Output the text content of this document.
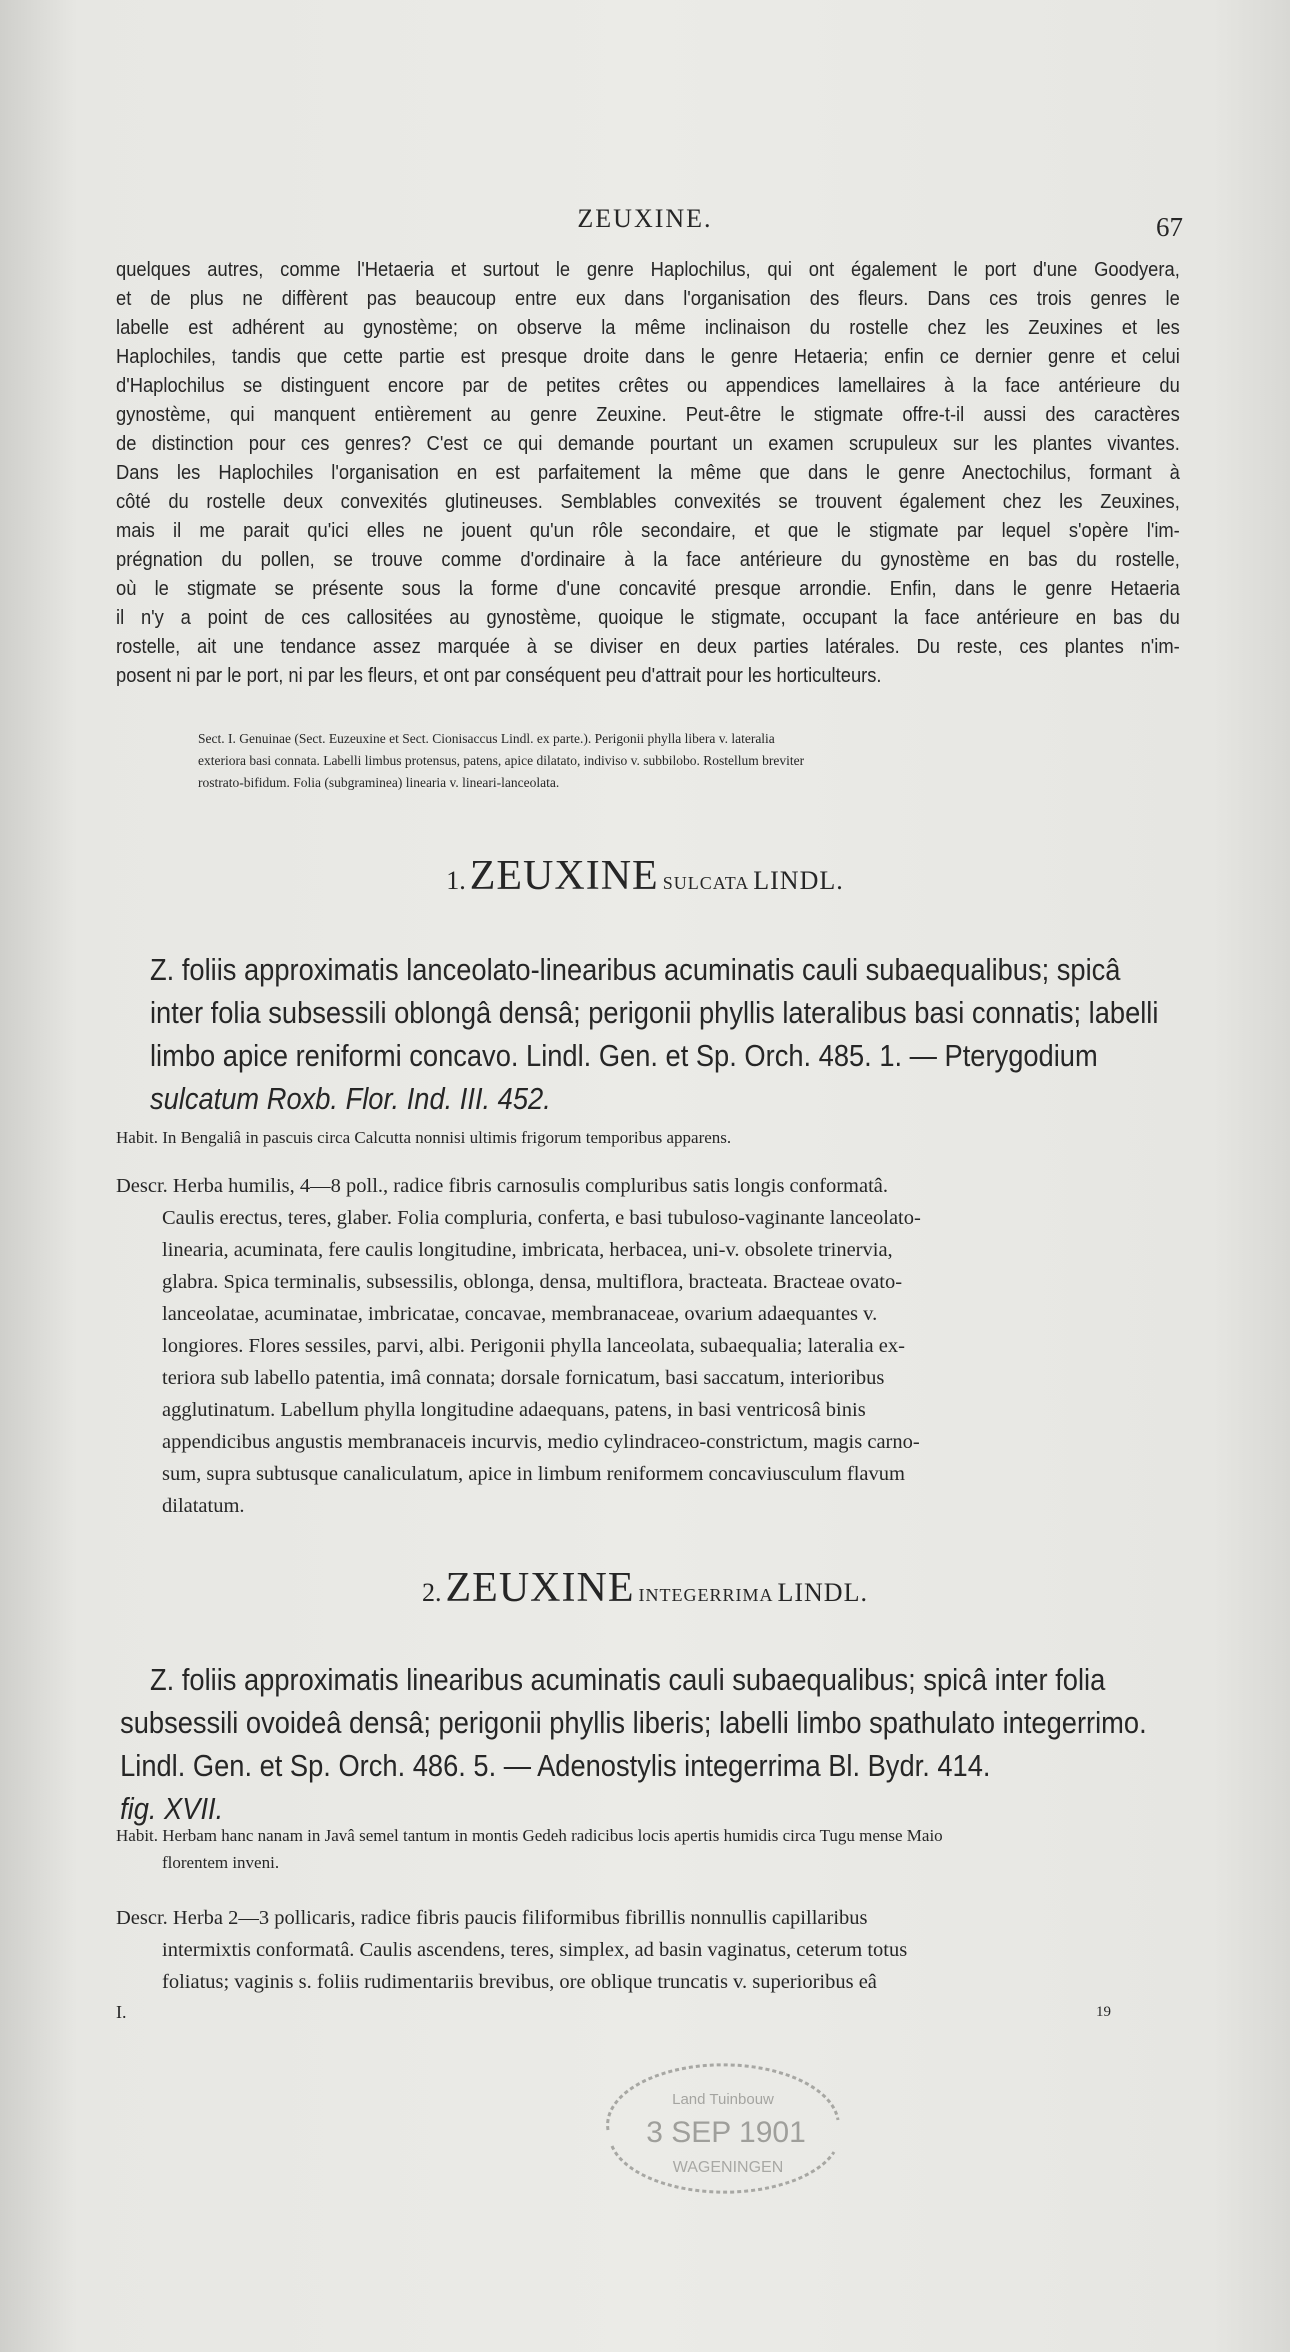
ZEUXINE.	67
quelques autres, comme l'Hetaeria et surtout le genre Haplochilus, qui ont également le port d'une Goodyera,
et de plus ne diffèrent pas beaucoup entre eux dans l'organisation des fleurs. Dans ces trois genres le
labelle est adhérent au gynostème; on observe la même inclinaison du rostelle chez les Zeuxines et les
Haplochiles, tandis que cette partie est presque droite dans le genre Hetaeria; enfin ce dernier genre et celui
d'Haplochilus se distinguent encore par de petites crêtes ou appendices lamellaires à la face antérieure du
gynostème, qui manquent entièrement au genre Zeuxine. Peut-être le stigmate offre-t-il aussi des caractères
de distinction pour ces genres? C'est ce qui demande pourtant un examen scrupuleux sur les plantes vivantes.
Dans les Haplochiles l'organisation en est parfaitement la même que dans le genre Anectochilus, formant à
côté du rostelle deux convexités glutineuses. Semblables convexités se trouvent également chez les Zeuxines,
mais il me parait qu'ici elles ne jouent qu'un rôle secondaire, et que le stigmate par lequel s'opère l'im-
prégnation du pollen, se trouve comme d'ordinaire à la face antérieure du gynostème en bas du rostelle,
où le stigmate se présente sous la forme d'une concavité presque arrondie. Enfin, dans le genre Hetaeria
il n'y a point de ces callositées au gynostème, quoique le stigmate, occupant la face antérieure en bas du
rostelle, ait une tendance assez marquée à se diviser en deux parties latérales. Du reste, ces plantes n'im-
posent ni par le port, ni par les fleurs, et ont par conséquent peu d'attrait pour les horticulteurs.
Sect. I. Genuinae (Sect. Euzeuxine et Sect. Cionisaccus Lindl. ex parte.). Perigonii phylla libera v. lateralia
exteriora basi connata. Labelli limbus protensus, patens, apice dilatato, indiviso v. subbilobo. Rostellum breviter
rostrato-bifidum. Folia (subgraminea) linearia v. lineari-lanceolata.
1. ZEUXINE sulcata LINDL.
Z. foliis approximatis lanceolato-linearibus acuminatis cauli subaequalibus; spicâ
inter folia subsessili oblongâ densâ; perigonii phyllis lateralibus basi connatis; labelli
limbo apice reniformi concavo. Lindl. Gen. et Sp. Orch. 485. 1. — Pterygodium
sulcatum Roxb. Flor. Ind. III. 452.
Habit. In Bengaliâ in pascuis circa Calcutta nonnisi ultimis frigorum temporibus apparens.
Descr. Herba humilis, 4—8 poll., radice fibris carnosulis compluribus satis longis conformatâ.
Caulis erectus, teres, glaber. Folia compluria, conferta, e basi tubuloso-vaginante lanceolato-
linearia, acuminata, fere caulis longitudine, imbricata, herbacea, uni-v. obsolete trinervia,
glabra. Spica terminalis, subsessilis, oblonga, densa, multiflora, bracteata. Bracteae ovato-
lanceolatae, acuminatae, imbricatae, concavae, membranaceae, ovarium adaequantes v.
longiores. Flores sessiles, parvi, albi. Perigonii phylla lanceolata, subaequalia; lateralia ex-
teriora sub labello patentia, imâ connata; dorsale fornicatum, basi saccatum, interioribus
agglutinatum. Labellum phylla longitudine adaequans, patens, in basi ventricosâ binis
appendicibus angustis membranaceis incurvis, medio cylindraceo-constrictum, magis carno-
sum, supra subtusque canaliculatum, apice in limbum reniformem concaviusculum flavum
dilatatum.
2. ZEUXINE integerrima LINDL.
Z. foliis approximatis linearibus acuminatis cauli subaequalibus; spicâ inter folia
subsessili ovoideâ densâ; perigonii phyllis liberis; labelli limbo spathulato integerrimo.
Lindl. Gen. et Sp. Orch. 486. 5. — Adenostylis integerrima Bl. Bydr. 414.
fig. XVII.
Habit. Herbam hanc nanam in Javâ semel tantum in montis Gedeh radicibus locis apertis humidis circa Tugu mense Maio
florentem inveni.
Descr. Herba 2—3 pollicaris, radice fibris paucis filiformibus fibrillis nonnullis capillaribus
intermixtis conformatâ. Caulis ascendens, teres, simplex, ad basin vaginatus, ceterum totus
foliatus; vaginis s. foliis rudimentariis brevibus, ore oblique truncatis v. superioribus eâ
I.	19
Land Tuinbouw
3 SEP 1901
WAGENINGEN
